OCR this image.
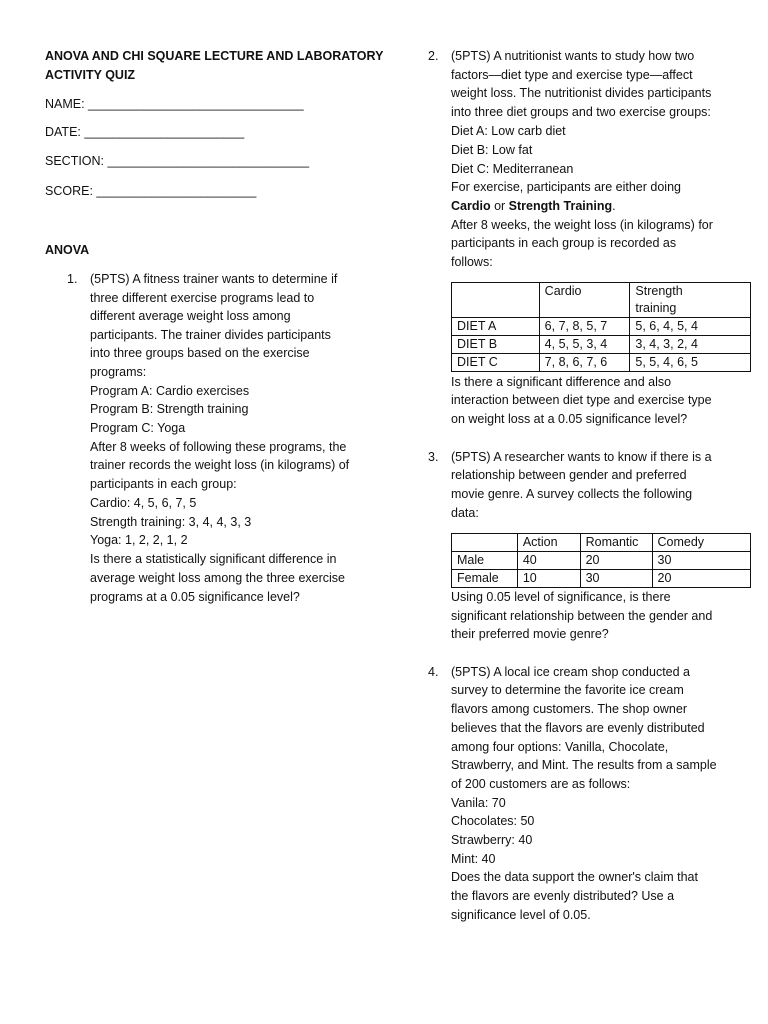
ANOVA AND CHI SQUARE LECTURE AND LABORATORY
ACTIVITY QUIZ
NAME: _______________________________
DATE: _______________________
SECTION: _____________________________
SCORE: _______________________
ANOVA
1. (5PTS) A fitness trainer wants to determine if
three different exercise programs lead to
different average weight loss among
participants. The trainer divides participants
into three groups based on the exercise
programs:
Program A: Cardio exercises
Program B: Strength training
Program C: Yoga
After 8 weeks of following these programs, the
trainer records the weight loss (in kilograms) of
participants in each group:
Cardio: 4, 5, 6, 7, 5
Strength training: 3, 4, 4, 3, 3
Yoga: 1, 2, 2, 1, 2
Is there a statistically significant difference in
average weight loss among the three exercise
programs at a 0.05 significance level?
2. (5PTS) A nutritionist wants to study how two
factors—diet type and exercise type—affect
weight loss. The nutritionist divides participants
into three diet groups and two exercise groups:
Diet A: Low carb diet
Diet B: Low fat
Diet C: Mediterranean
For exercise, participants are either doing
Cardio or Strength Training.
After 8 weeks, the weight loss (in kilograms) for
participants in each group is recorded as
follows:
	Cardio	Strength
training

DIET A	6, 7, 8, 5, 7	5, 6, 4, 5, 4
DIET B	4, 5, 5, 3, 4	3, 4, 3, 2, 4
DIET C	7, 8, 6, 7, 6	5, 5, 4, 6, 5
Is there a significant difference and also
interaction between diet type and exercise type
on weight loss at a 0.05 significance level?
3. (5PTS) A researcher wants to know if there is a
relationship between gender and preferred
movie genre. A survey collects the following
data:
	Action	Romantic	Comedy
Male	40	20	30
Female	10	30	20
Using 0.05 level of significance, is there
significant relationship between the gender and
their preferred movie genre?
4. (5PTS) A local ice cream shop conducted a
survey to determine the favorite ice cream
flavors among customers. The shop owner
believes that the flavors are evenly distributed
among four options: Vanilla, Chocolate,
Strawberry, and Mint. The results from a sample
of 200 customers are as follows:
Vanila: 70
Chocolates: 50
Strawberry: 40
Mint: 40
Does the data support the owner's claim that
the flavors are evenly distributed? Use a
significance level of 0.05.
